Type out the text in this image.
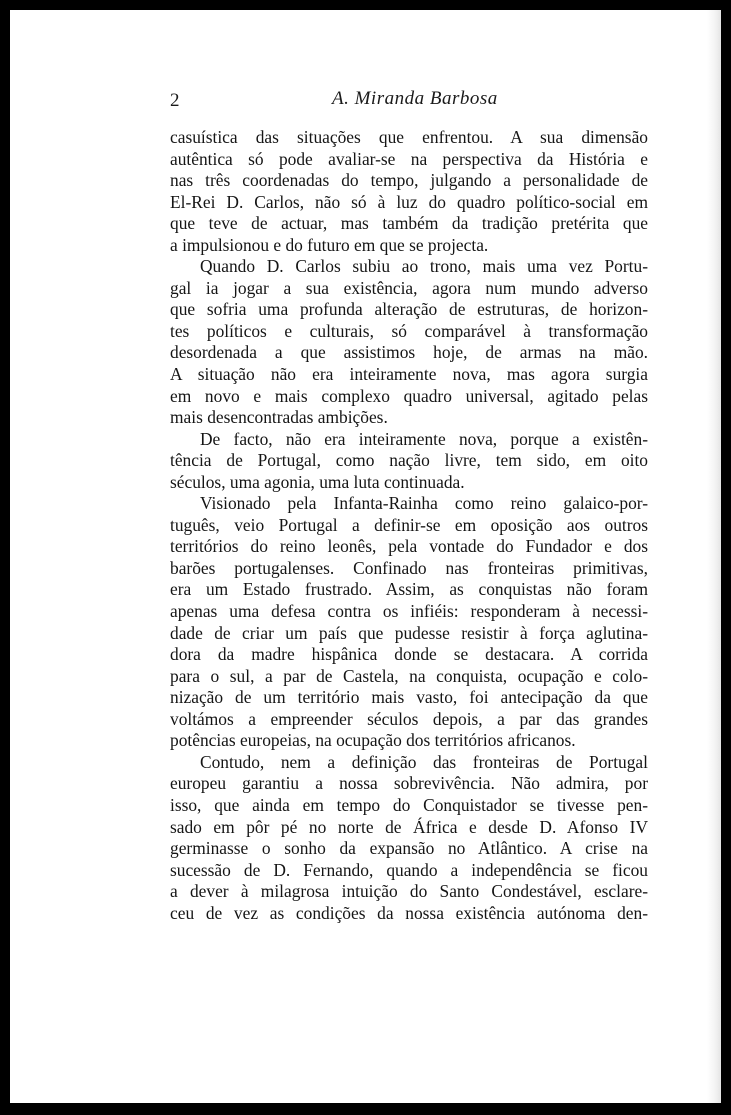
2	A. Miranda Barbosa
casuística das situações que enfrentou. A sua dimensão
autêntica só pode avaliar-se na perspectiva da História e
nas três coordenadas do tempo, julgando a personalidade de
El-Rei D. Carlos, não só à luz do quadro político-social em
que teve de actuar, mas também da tradição pretérita que
a impulsionou e do futuro em que se projecta.
Quando D. Carlos subiu ao trono, mais uma vez Portu-
gal ia jogar a sua existência, agora num mundo adverso
que sofria uma profunda alteração de estruturas, de horizon-
tes políticos e culturais, só comparável à transformação
desordenada a que assistimos hoje, de armas na mão.
A situação não era inteiramente nova, mas agora surgia
em novo e mais complexo quadro universal, agitado pelas
mais desencontradas ambições.
De facto, não era inteiramente nova, porque a existên-
tência de Portugal, como nação livre, tem sido, em oito
séculos, uma agonia, uma luta continuada.
Visionado pela Infanta-Rainha como reino galaico-por-
tuguês, veio Portugal a definir-se em oposição aos outros
territórios do reino leonês, pela vontade do Fundador e dos
barões portugalenses. Confinado nas fronteiras primitivas,
era um Estado frustrado. Assim, as conquistas não foram
apenas uma defesa contra os infiéis: responderam à necessi-
dade de criar um país que pudesse resistir à força aglutina-
dora da madre hispânica donde se destacara. A corrida
para o sul, a par de Castela, na conquista, ocupação e colo-
nização de um território mais vasto, foi antecipação da que
voltámos a empreender séculos depois, a par das grandes
potências europeias, na ocupação dos territórios africanos.
Contudo, nem a definição das fronteiras de Portugal
europeu garantiu a nossa sobrevivência. Não admira, por
isso, que ainda em tempo do Conquistador se tivesse pen-
sado em pôr pé no norte de África e desde D. Afonso IV
germinasse o sonho da expansão no Atlântico. A crise na
sucessão de D. Fernando, quando a independência se ficou
a dever à milagrosa intuição do Santo Condestável, esclare-
ceu de vez as condições da nossa existência autónoma den-
